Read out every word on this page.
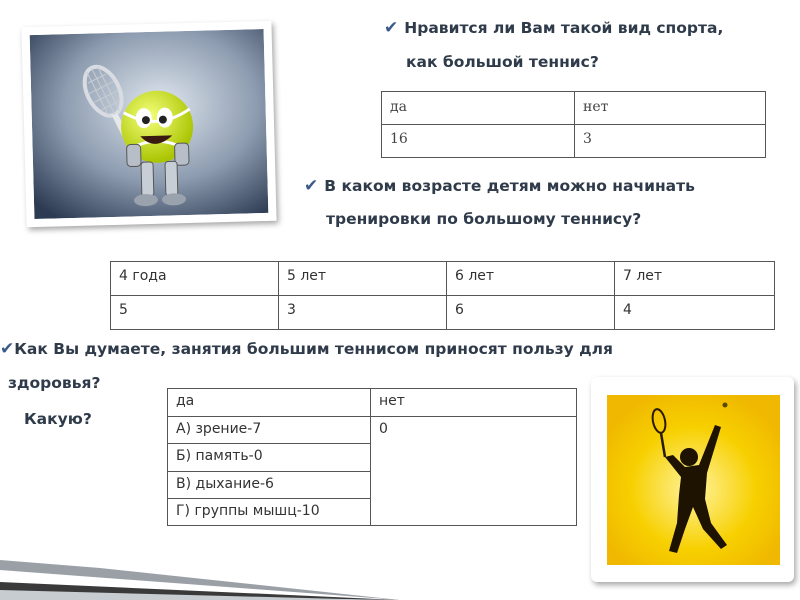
✔ Нравится ли Вам такой вид спорта,
как большой теннис?
да	нет
16	3
✔ В каком возрасте детям можно начинать
тренировки по большому теннису?
4 года	5 лет	6 лет	7 лет
5	3	6	4
✔Как Вы думаете, занятия большим теннисом приносят пользу для
здоровья?
Какую?
да	нет
А) зрение-7	0
Б) память-0	
В) дыхание-6	
Г) группы мышц-10	
